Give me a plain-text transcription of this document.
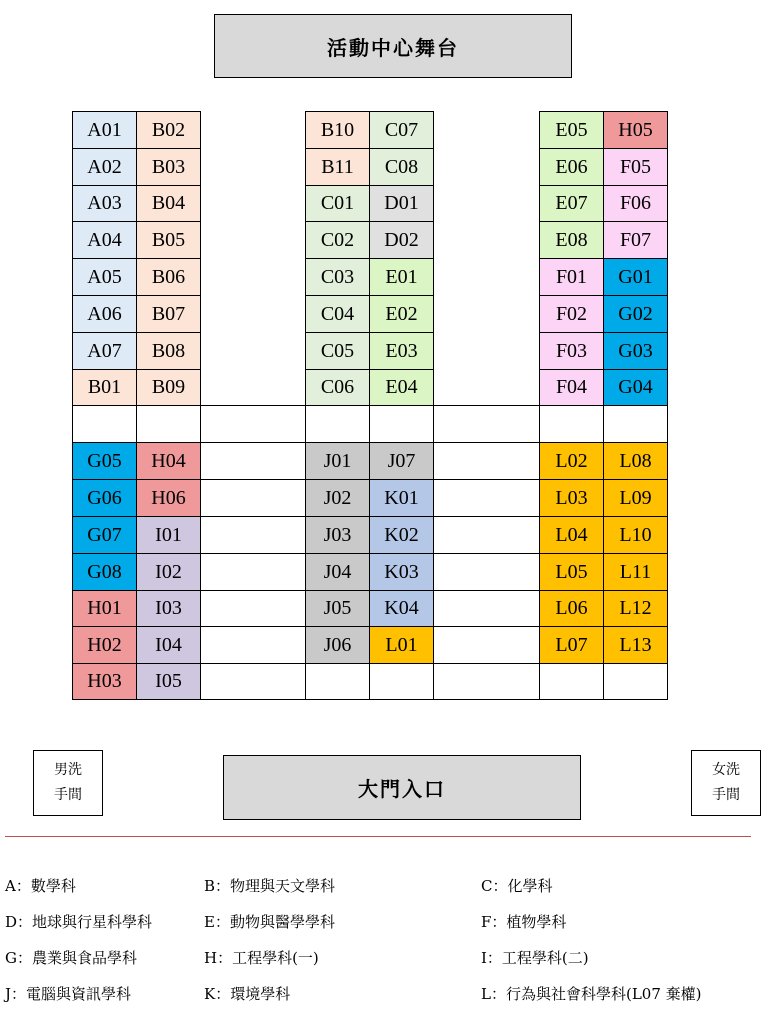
活動中心舞台
A01	B02	B10	C07	E05	H05
A02	B03	B11	C08	E06	F05
A03	B04	C01	D01	E07	F06
A04	B05	C02	D02	E08	F07
A05	B06	C03	E01	F01	G01
A06	B07	C04	E02	F02	G02
A07	B08	C05	E03	F03	G03
B01	B09	C06	E04	F04	G04
G05	H04	J01	J07	L02	L08
G06	H06	J02	K01	L03	L09
G07	I01	J03	K02	L04	L10
G08	I02	J04	K03	L05	L11
H01	I03	J05	K04	L06	L12
H02	I04	J06	L01	L07	L13
H03	I05
男洗
手間
女洗
手間
大門入口
A：數學科	B：物理與天文學科	C：化學科
D：地球與行星科學科	E：動物與醫學學科	F：植物學科
G：農業與食品學科	H：工程學科(一)	I：工程學科(二)
J：電腦與資訊學科	K：環境學科	L：行為與社會科學科(L07 棄權)
